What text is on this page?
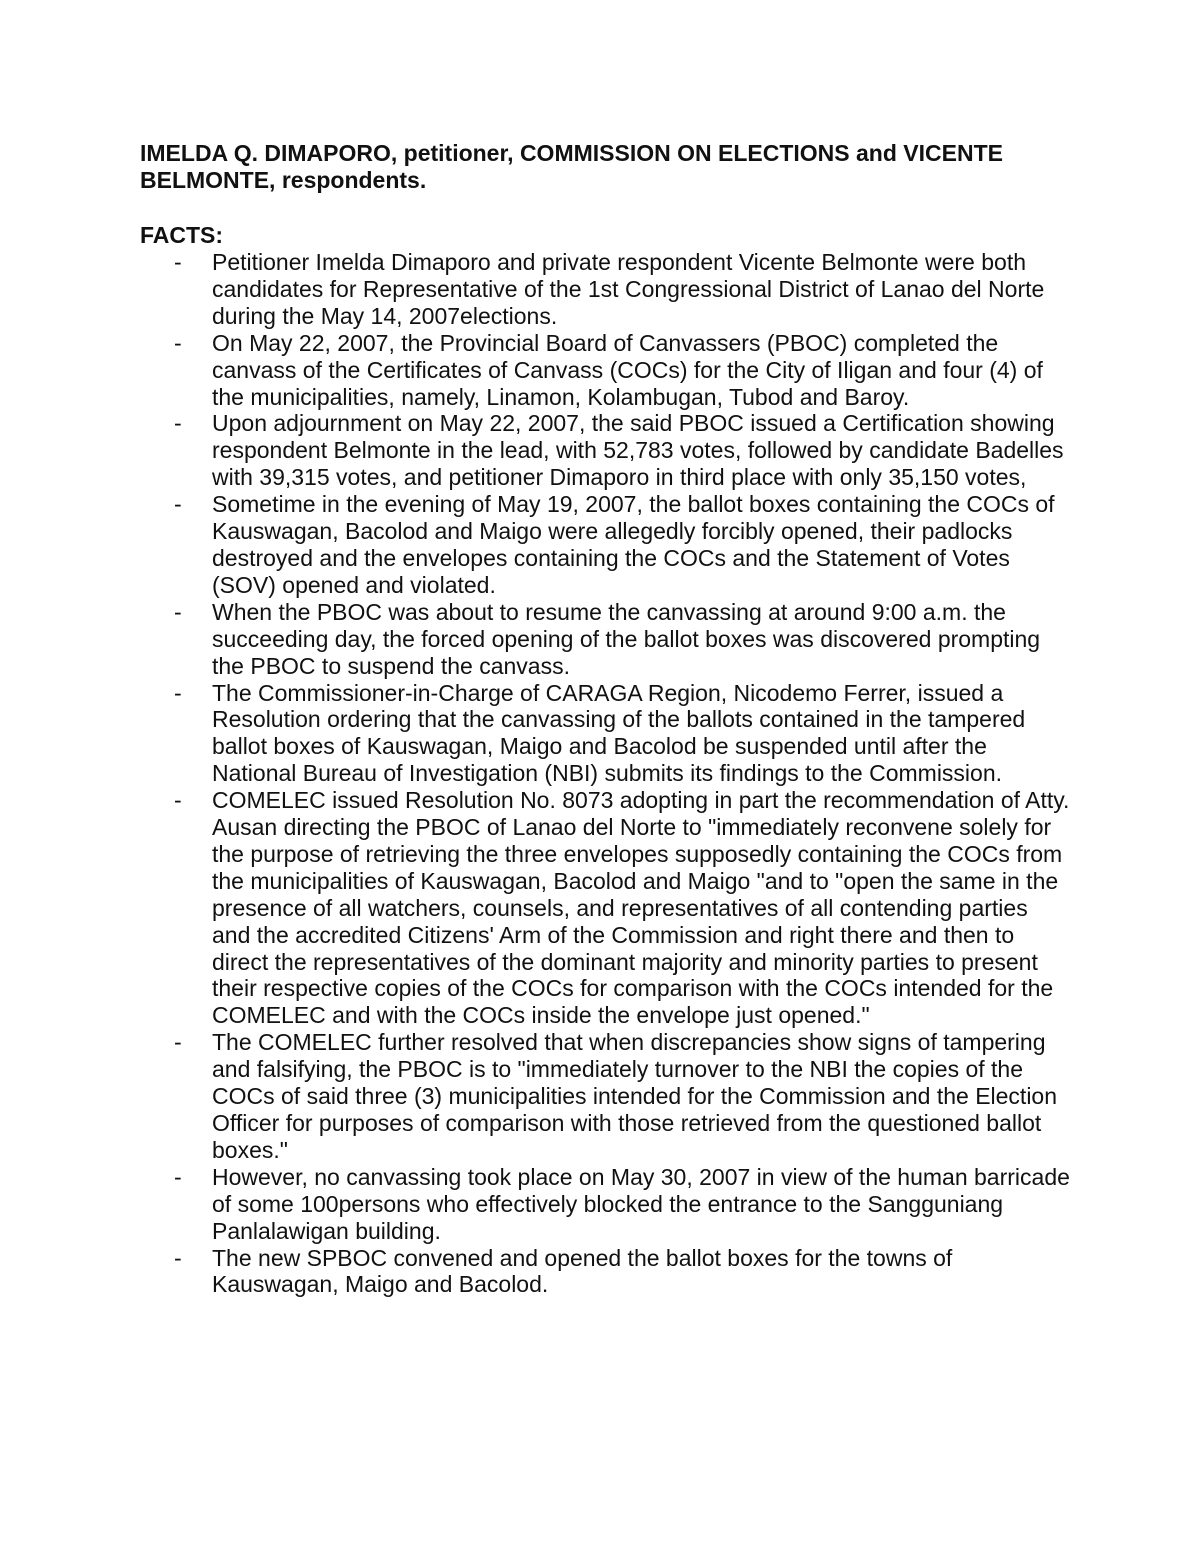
IMELDA Q. DIMAPORO, petitioner, COMMISSION ON ELECTIONS and VICENTE BELMONTE, respondents.

FACTS:

- Petitioner Imelda Dimaporo and private respondent Vicente Belmonte were both candidates for Representative of the 1st Congressional District of Lanao del Norte during the May 14, 2007elections.
- On May 22, 2007, the Provincial Board of Canvassers (PBOC) completed the canvass of the Certificates of Canvass (COCs) for the City of Iligan and four (4) of the municipalities, namely, Linamon, Kolambugan, Tubod and Baroy.
- Upon adjournment on May 22, 2007, the said PBOC issued a Certification showing respondent Belmonte in the lead, with 52,783 votes, followed by candidate Badelles with 39,315 votes, and petitioner Dimaporo in third place with only 35,150 votes,
- Sometime in the evening of May 19, 2007, the ballot boxes containing the COCs of Kauswagan, Bacolod and Maigo were allegedly forcibly opened, their padlocks destroyed and the envelopes containing the COCs and the Statement of Votes (SOV) opened and violated.
- When the PBOC was about to resume the canvassing at around 9:00 a.m. the succeeding day, the forced opening of the ballot boxes was discovered prompting the PBOC to suspend the canvass.
- The Commissioner-in-Charge of CARAGA Region, Nicodemo Ferrer, issued a Resolution ordering that the canvassing of the ballots contained in the tampered ballot boxes of Kauswagan, Maigo and Bacolod be suspended until after the National Bureau of Investigation (NBI) submits its findings to the Commission.
- COMELEC issued Resolution No. 8073 adopting in part the recommendation of Atty. Ausan directing the PBOC of Lanao del Norte to "immediately reconvene solely for the purpose of retrieving the three envelopes supposedly containing the COCs from the municipalities of Kauswagan, Bacolod and Maigo "and to "open the same in the presence of all watchers, counsels, and representatives of all contending parties and the accredited Citizens' Arm of the Commission and right there and then to direct the representatives of the dominant majority and minority parties to present their respective copies of the COCs for comparison with the COCs intended for the COMELEC and with the COCs inside the envelope just opened."
- The COMELEC further resolved that when discrepancies show signs of tampering and falsifying, the PBOC is to "immediately turnover to the NBI the copies of the COCs of said three (3) municipalities intended for the Commission and the Election Officer for purposes of comparison with those retrieved from the questioned ballot boxes."
- However, no canvassing took place on May 30, 2007 in view of the human barricade of some 100persons who effectively blocked the entrance to the Sangguniang Panlalawigan building.
- The new SPBOC convened and opened the ballot boxes for the towns of Kauswagan, Maigo and Bacolod.
